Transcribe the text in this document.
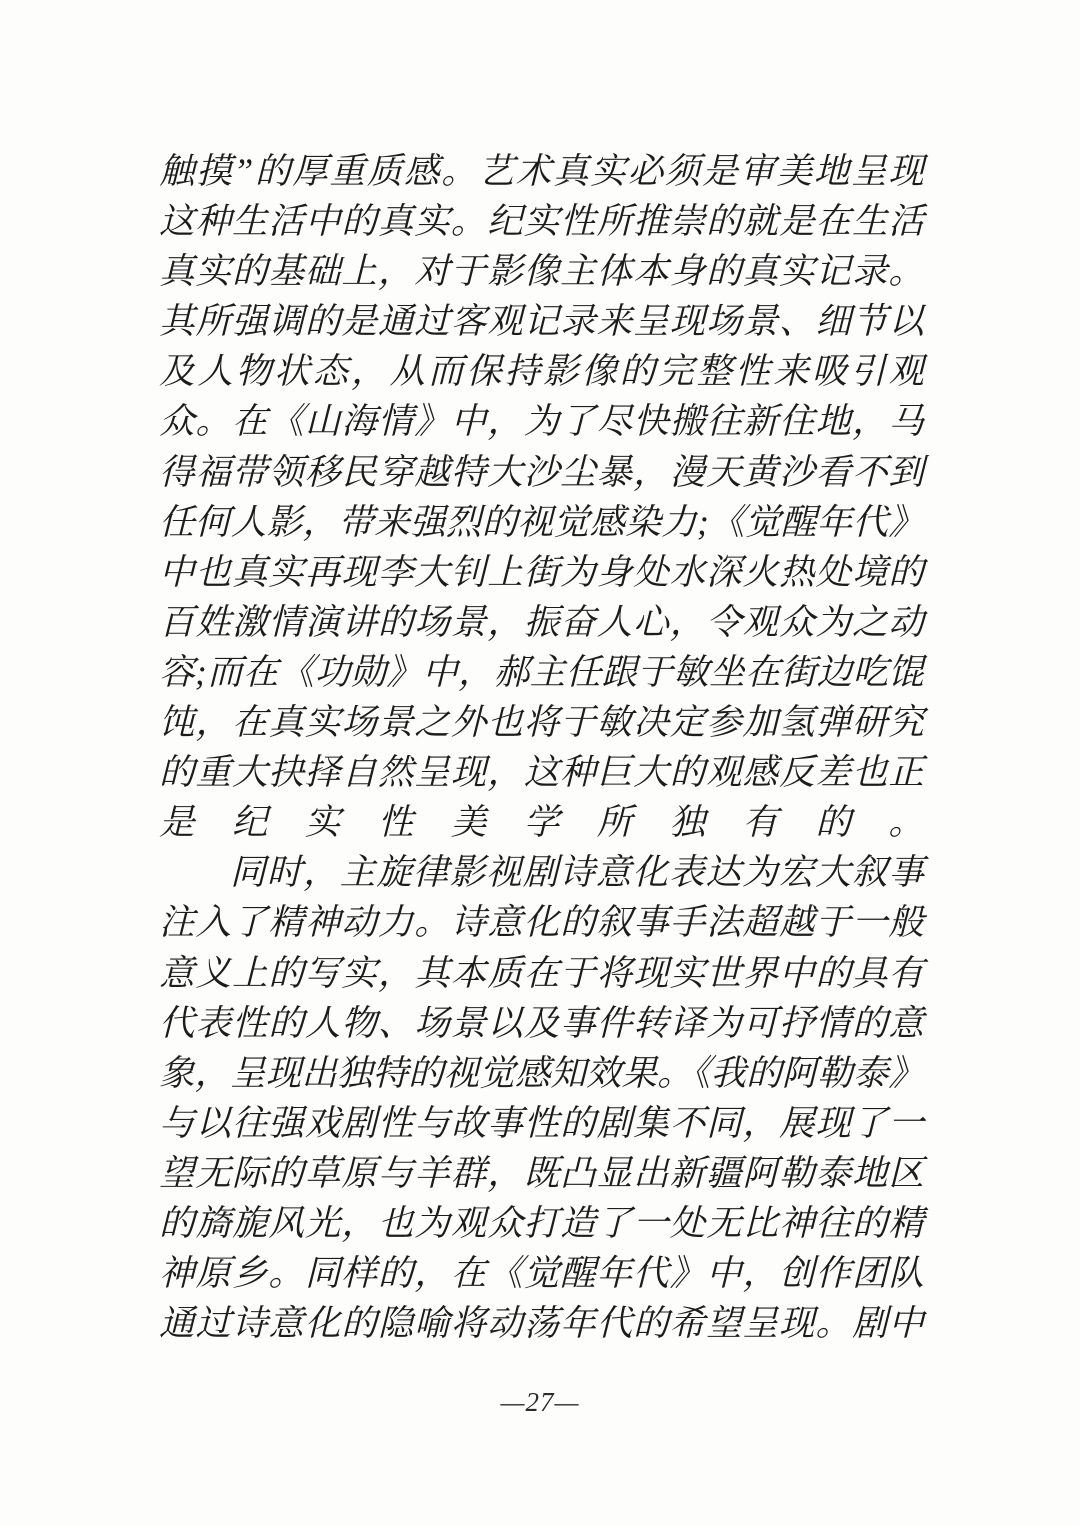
触摸”的厚重质感。艺术真实必须是审美地呈现这种生活中的真实。纪实性所推崇的就是在生活真实的基础上，对于影像主体本身的真实记录。其所强调的是通过客观记录来呈现场景、细节以及人物状态，从而保持影像的完整性来吸引观众。在《山海情》中，为了尽快搬往新住地，马得福带领移民穿越特大沙尘暴，漫天黄沙看不到任何人影，带来强烈的视觉感染力;《觉醒年代》中也真实再现李大钊上街为身处水深火热处境的百姓激情演讲的场景，振奋人心，令观众为之动容;而在《功勋》中，郝主任跟于敏坐在街边吃馄饨，在真实场景之外也将于敏决定参加氢弹研究的重大抉择自然呈现，这种巨大的观感反差也正是纪实性美学所独有的。

同时，主旋律影视剧诗意化表达为宏大叙事注入了精神动力。诗意化的叙事手法超越于一般意义上的写实，其本质在于将现实世界中的具有代表性的人物、场景以及事件转译为可抒情的意象，呈现出独特的视觉感知效果。《我的阿勒泰》与以往强戏剧性与故事性的剧集不同，展现了一望无际的草原与羊群，既凸显出新疆阿勒泰地区的旖旎风光，也为观众打造了一处无比神往的精神原乡。同样的，在《觉醒年代》中，创作团队通过诗意化的隐喻将动荡年代的希望呈现。剧中

—27—
